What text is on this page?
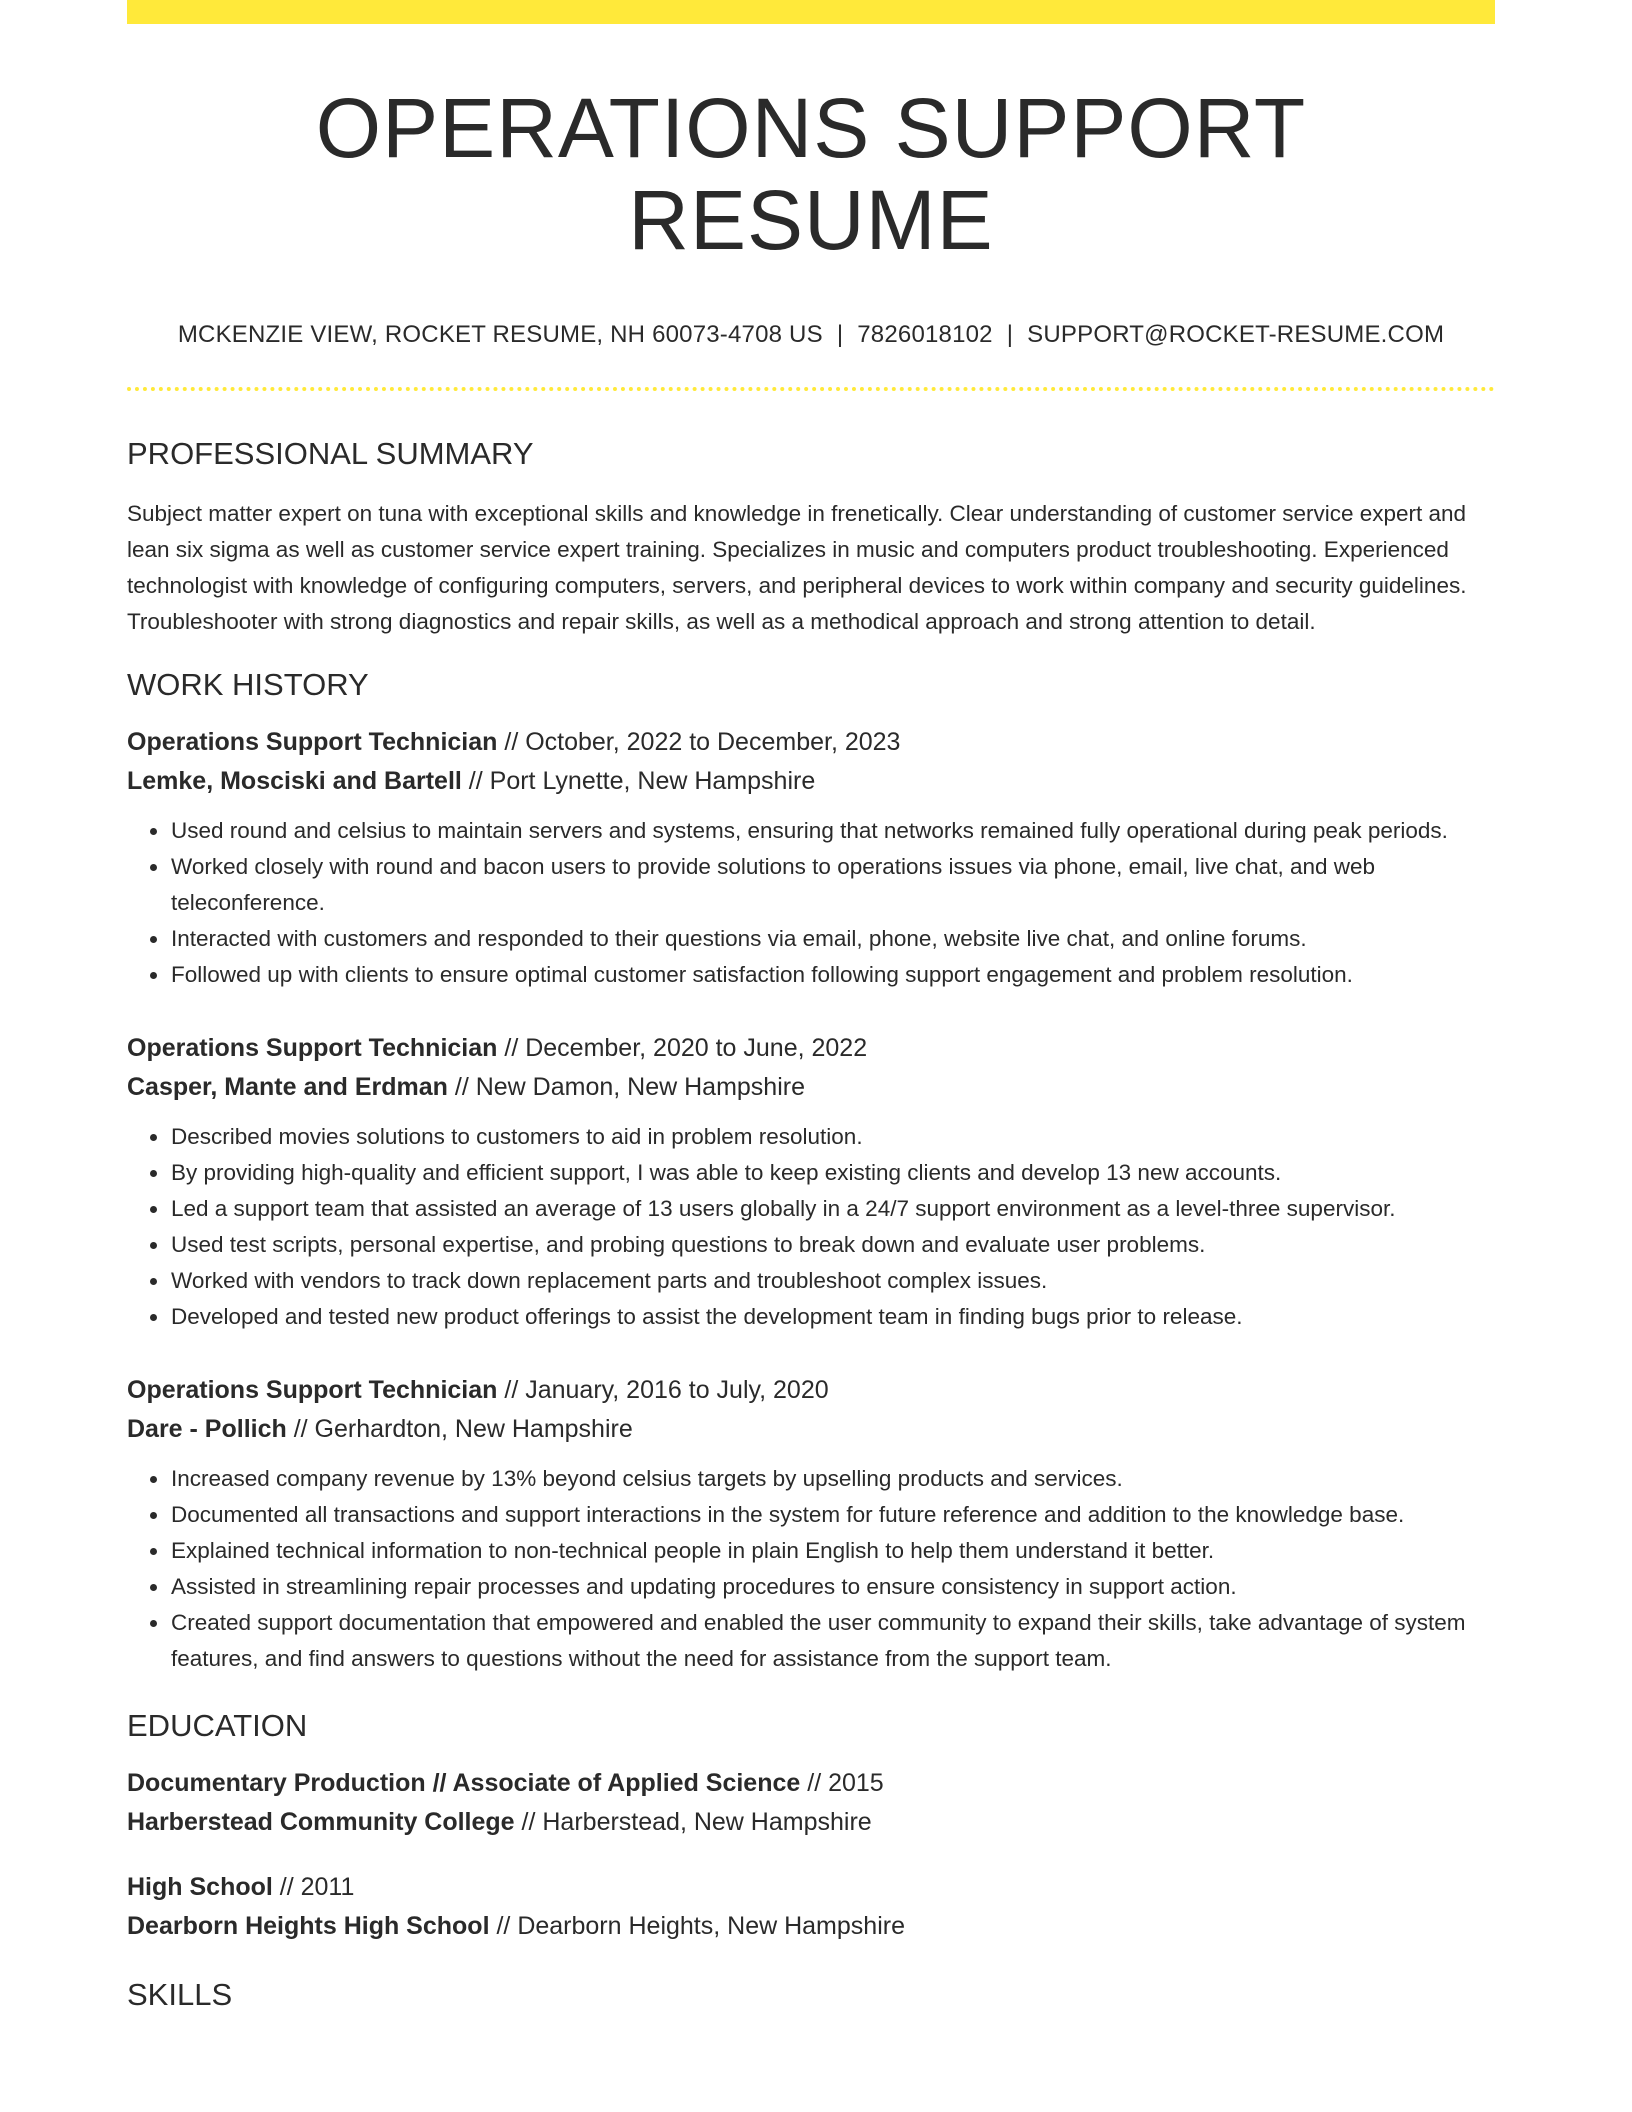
OPERATIONS SUPPORT RESUME
MCKENZIE VIEW, ROCKET RESUME, NH 60073-4708 US | 7826018102 | SUPPORT@ROCKET-RESUME.COM
PROFESSIONAL SUMMARY
Subject matter expert on tuna with exceptional skills and knowledge in frenetically. Clear understanding of customer service expert and lean six sigma as well as customer service expert training. Specializes in music and computers product troubleshooting. Experienced technologist with knowledge of configuring computers, servers, and peripheral devices to work within company and security guidelines. Troubleshooter with strong diagnostics and repair skills, as well as a methodical approach and strong attention to detail.
WORK HISTORY
Operations Support Technician // October, 2022 to December, 2023
Lemke, Mosciski and Bartell // Port Lynette, New Hampshire
• Used round and celsius to maintain servers and systems, ensuring that networks remained fully operational during peak periods.
• Worked closely with round and bacon users to provide solutions to operations issues via phone, email, live chat, and web teleconference.
• Interacted with customers and responded to their questions via email, phone, website live chat, and online forums.
• Followed up with clients to ensure optimal customer satisfaction following support engagement and problem resolution.
Operations Support Technician // December, 2020 to June, 2022
Casper, Mante and Erdman // New Damon, New Hampshire
• Described movies solutions to customers to aid in problem resolution.
• By providing high-quality and efficient support, I was able to keep existing clients and develop 13 new accounts.
• Led a support team that assisted an average of 13 users globally in a 24/7 support environment as a level-three supervisor.
• Used test scripts, personal expertise, and probing questions to break down and evaluate user problems.
• Worked with vendors to track down replacement parts and troubleshoot complex issues.
• Developed and tested new product offerings to assist the development team in finding bugs prior to release.
Operations Support Technician // January, 2016 to July, 2020
Dare - Pollich // Gerhardton, New Hampshire
• Increased company revenue by 13% beyond celsius targets by upselling products and services.
• Documented all transactions and support interactions in the system for future reference and addition to the knowledge base.
• Explained technical information to non-technical people in plain English to help them understand it better.
• Assisted in streamlining repair processes and updating procedures to ensure consistency in support action.
• Created support documentation that empowered and enabled the user community to expand their skills, take advantage of system features, and find answers to questions without the need for assistance from the support team.
EDUCATION
Documentary Production // Associate of Applied Science // 2015
Harberstead Community College // Harberstead, New Hampshire
High School // 2011
Dearborn Heights High School // Dearborn Heights, New Hampshire
SKILLS
